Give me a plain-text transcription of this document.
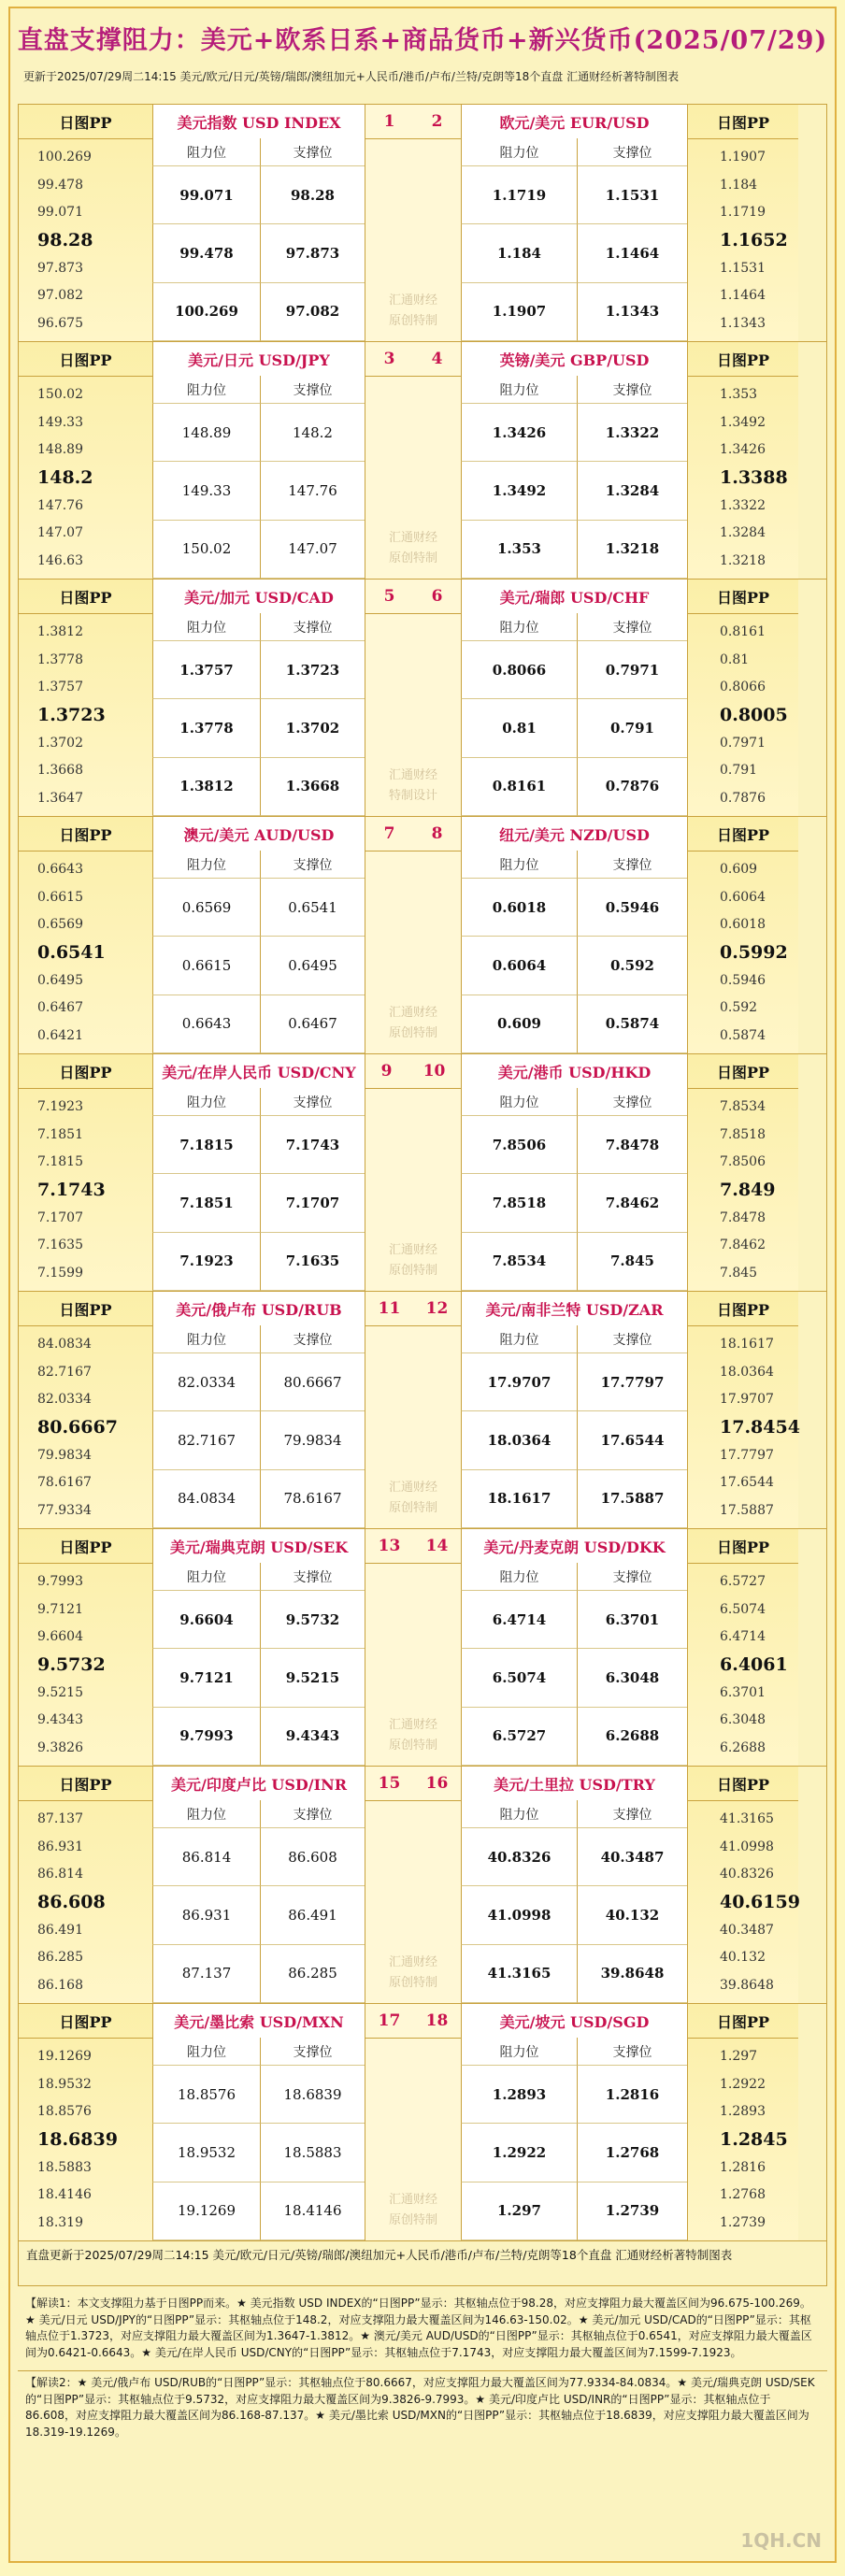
直盘支撑阻力：美元+欧系日系+商品货币+新兴货币(2025/07/29)
更新于2025/07/29周二14:15 美元/欧元/日元/英镑/瑞郎/澳纽加元+人民币/港币/卢布/兰特/克朗等18个直盘 汇通财经析著特制图表
日图PP
100.269
99.478
99.071
98.28
97.873
97.082
96.675
美元指数 USD INDEX
阻力位
99.071
99.478
100.269
支撑位
98.28
97.873
97.082
1 2
汇通财经
原创特制
欧元/美元 EUR/USD
阻力位
1.1719
1.184
1.1907
支撑位
1.1531
1.1464
1.1343
日图PP
1.1907
1.184
1.1719
1.1652
1.1531
1.1464
1.1343
日图PP
150.02
149.33
148.89
148.2
147.76
147.07
146.63
美元/日元 USD/JPY
阻力位
148.89
149.33
150.02
支撑位
148.2
147.76
147.07
3 4
汇通财经
原创特制
英镑/美元 GBP/USD
阻力位
1.3426
1.3492
1.353
支撑位
1.3322
1.3284
1.3218
日图PP
1.353
1.3492
1.3426
1.3388
1.3322
1.3284
1.3218
日图PP
1.3812
1.3778
1.3757
1.3723
1.3702
1.3668
1.3647
美元/加元 USD/CAD
阻力位
1.3757
1.3778
1.3812
支撑位
1.3723
1.3702
1.3668
5 6
汇通财经
特制设计
美元/瑞郎 USD/CHF
阻力位
0.8066
0.81
0.8161
支撑位
0.7971
0.791
0.7876
日图PP
0.8161
0.81
0.8066
0.8005
0.7971
0.791
0.7876
日图PP
0.6643
0.6615
0.6569
0.6541
0.6495
0.6467
0.6421
澳元/美元 AUD/USD
阻力位
0.6569
0.6615
0.6643
支撑位
0.6541
0.6495
0.6467
7 8
汇通财经
原创特制
纽元/美元 NZD/USD
阻力位
0.6018
0.6064
0.609
支撑位
0.5946
0.592
0.5874
日图PP
0.609
0.6064
0.6018
0.5992
0.5946
0.592
0.5874
日图PP
7.1923
7.1851
7.1815
7.1743
7.1707
7.1635
7.1599
美元/在岸人民币 USD/CNY
阻力位
7.1815
7.1851
7.1923
支撑位
7.1743
7.1707
7.1635
9 10
汇通财经
原创特制
美元/港币 USD/HKD
阻力位
7.8506
7.8518
7.8534
支撑位
7.8478
7.8462
7.845
日图PP
7.8534
7.8518
7.8506
7.849
7.8478
7.8462
7.845
日图PP
84.0834
82.7167
82.0334
80.6667
79.9834
78.6167
77.9334
美元/俄卢布 USD/RUB
阻力位
82.0334
82.7167
84.0834
支撑位
80.6667
79.9834
78.6167
11 12
汇通财经
原创特制
美元/南非兰特 USD/ZAR
阻力位
17.9707
18.0364
18.1617
支撑位
17.7797
17.6544
17.5887
日图PP
18.1617
18.0364
17.9707
17.8454
17.7797
17.6544
17.5887
日图PP
9.7993
9.7121
9.6604
9.5732
9.5215
9.4343
9.3826
美元/瑞典克朗 USD/SEK
阻力位
9.6604
9.7121
9.7993
支撑位
9.5732
9.5215
9.4343
13 14
汇通财经
原创特制
美元/丹麦克朗 USD/DKK
阻力位
6.4714
6.5074
6.5727
支撑位
6.3701
6.3048
6.2688
日图PP
6.5727
6.5074
6.4714
6.4061
6.3701
6.3048
6.2688
日图PP
87.137
86.931
86.814
86.608
86.491
86.285
86.168
美元/印度卢比 USD/INR
阻力位
86.814
86.931
87.137
支撑位
86.608
86.491
86.285
15 16
汇通财经
原创特制
美元/土里拉 USD/TRY
阻力位
40.8326
41.0998
41.3165
支撑位
40.3487
40.132
39.8648
日图PP
41.3165
41.0998
40.8326
40.6159
40.3487
40.132
39.8648
日图PP
19.1269
18.9532
18.8576
18.6839
18.5883
18.4146
18.319
美元/墨比索 USD/MXN
阻力位
18.8576
18.9532
19.1269
支撑位
18.6839
18.5883
18.4146
17 18
汇通财经
原创特制
美元/坡元 USD/SGD
阻力位
1.2893
1.2922
1.297
支撑位
1.2816
1.2768
1.2739
日图PP
1.297
1.2922
1.2893
1.2845
1.2816
1.2768
1.2739
直盘更新于2025/07/29周二14:15 美元/欧元/日元/英镑/瑞郎/澳纽加元+人民币/港币/卢布/兰特/克朗等18个直盘 汇通财经析著特制图表
【解读1：本文支撑阻力基于日图PP而来。★ 美元指数 USD INDEX的“日图PP”显示：其枢轴点位于98.28，对应支撑阻力最大覆盖区间为96.675-100.269。★ 美元/日元 USD/JPY的“日图PP”显示：其枢轴点位于148.2，对应支撑阻力最大覆盖区间为146.63-150.02。★ 美元/加元 USD/CAD的“日图PP”显示：其枢轴点位于1.3723，对应支撑阻力最大覆盖区间为1.3647-1.3812。★ 澳元/美元 AUD/USD的“日图PP”显示：其枢轴点位于0.6541，对应支撑阻力最大覆盖区间为0.6421-0.6643。★ 美元/在岸人民币 USD/CNY的“日图PP”显示：其枢轴点位于7.1743，对应支撑阻力最大覆盖区间为7.1599-7.1923。
【解读2：★ 美元/俄卢布 USD/RUB的“日图PP”显示：其枢轴点位于80.6667，对应支撑阻力最大覆盖区间为77.9334-84.0834。★ 美元/瑞典克朗 USD/SEK的“日图PP”显示：其枢轴点位于9.5732，对应支撑阻力最大覆盖区间为9.3826-9.7993。★ 美元/印度卢比 USD/INR的“日图PP”显示：其枢轴点位于86.608，对应支撑阻力最大覆盖区间为86.168-87.137。★ 美元/墨比索 USD/MXN的“日图PP”显示：其枢轴点位于18.6839，对应支撑阻力最大覆盖区间为18.319-19.1269。
1QH.CN
